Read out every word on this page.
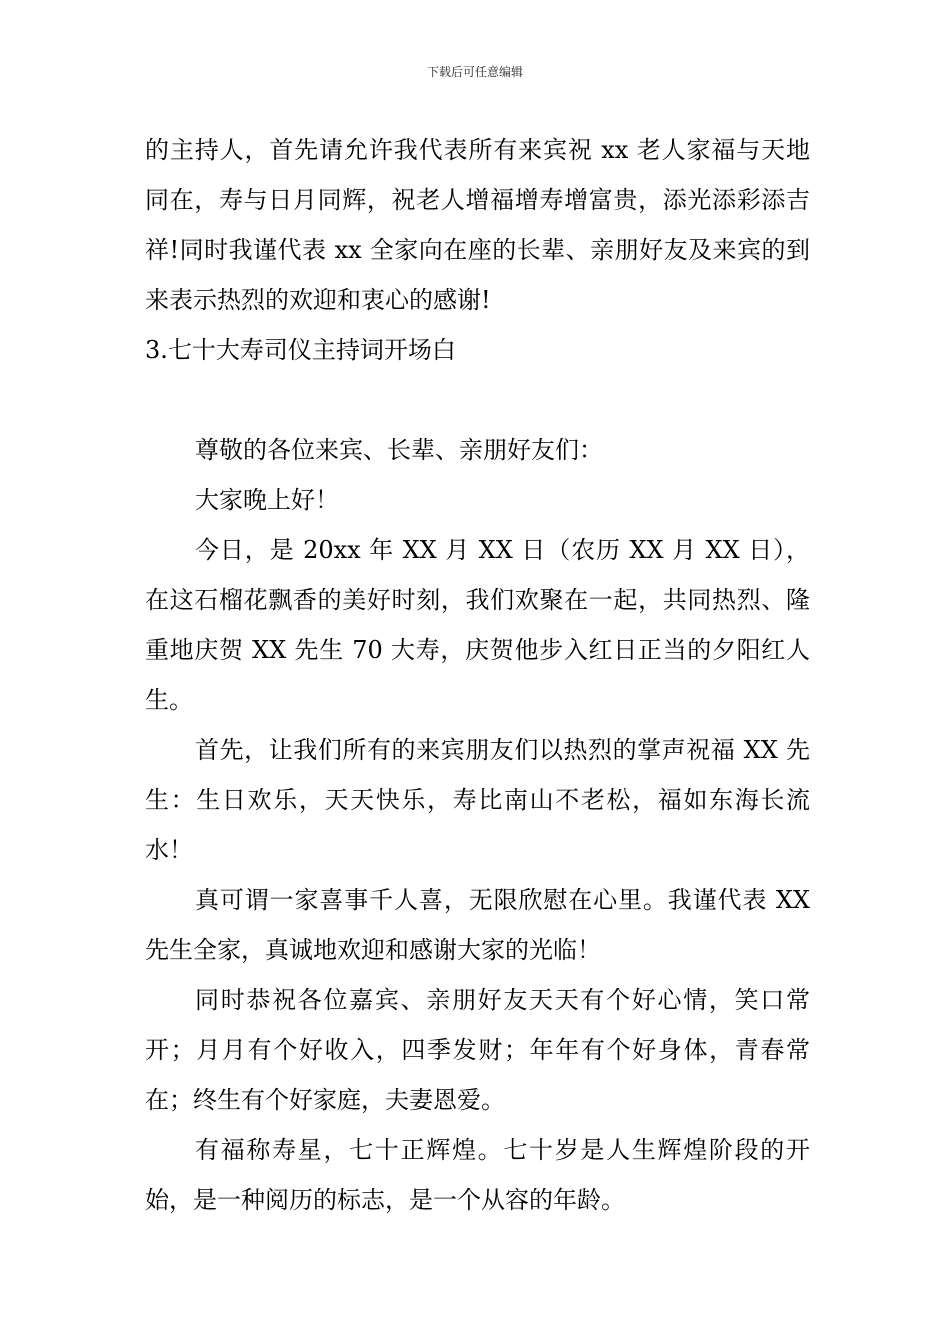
下载后可任意编辑

的主持人，首先请允许我代表所有来宾祝 xx 老人家福与天地同在，寿与日月同辉，祝老人增福增寿增富贵，添光添彩添吉祥!同时我谨代表 xx 全家向在座的长辈、亲朋好友及来宾的到来表示热烈的欢迎和衷心的感谢!

3.七十大寿司仪主持词开场白

尊敬的各位来宾、长辈、亲朋好友们：

大家晚上好！

今日，是 20xx 年 XX 月 XX 日（农历 XX 月 XX 日），在这石榴花飘香的美好时刻，我们欢聚在一起，共同热烈、隆重地庆贺 XX 先生 70 大寿，庆贺他步入红日正当的夕阳红人生。

首先，让我们所有的来宾朋友们以热烈的掌声祝福 XX 先生：生日欢乐，天天快乐，寿比南山不老松，福如东海长流水！

真可谓一家喜事千人喜，无限欣慰在心里。我谨代表 XX 先生全家，真诚地欢迎和感谢大家的光临！

同时恭祝各位嘉宾、亲朋好友天天有个好心情，笑口常开；月月有个好收入，四季发财；年年有个好身体，青春常在；终生有个好家庭，夫妻恩爱。

有福称寿星，七十正辉煌。七十岁是人生辉煌阶段的开始，是一种阅历的标志，是一个从容的年龄。
